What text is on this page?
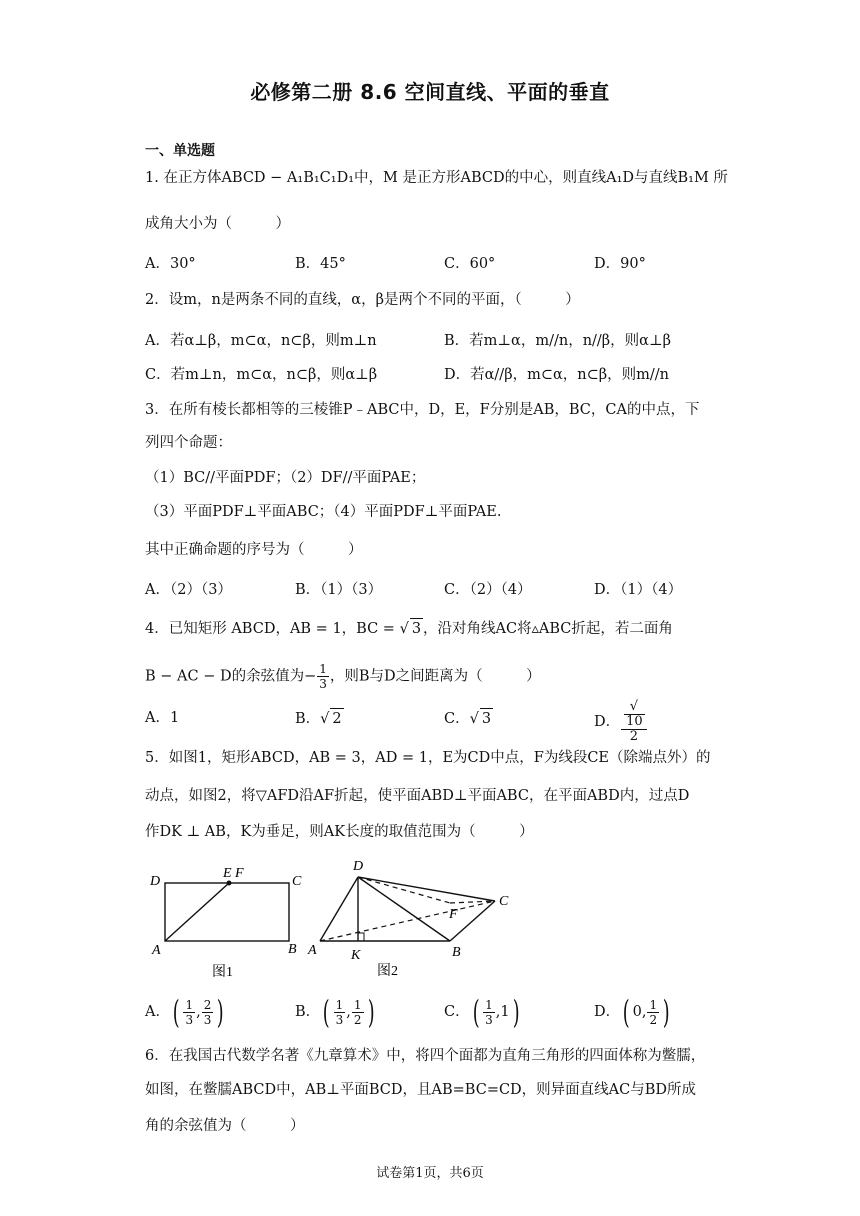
必修第二册 8.6 空间直线、平面的垂直
一、单选题
1. 在正方体ABCD − A₁B₁C₁D₁中，M 是正方形ABCD的中心，则直线A₁D与直线B₁M 所
成角大小为（　　　）
A．30°	B．45°	C．60°	D．90°
2．设m，n是两条不同的直线，α，β是两个不同的平面，（　　　）
A．若α⊥β，m⊂α，n⊂β，则m⊥n	B．若m⊥α，m//n，n//β，则α⊥β
C．若m⊥n，m⊂α，n⊂β，则α⊥β	D．若α//β，m⊂α，n⊂β，则m//n
3．在所有棱长都相等的三棱锥P﹣ABC中，D，E，F分别是AB，BC，CA的中点，下
列四个命题：
（1）BC//平面PDF；（2）DF//平面PAE；
（3）平面PDF⊥平面ABC；（4）平面PDF⊥平面PAE.
其中正确命题的序号为（　　　）
A．（2）（3）	B．（1）（3）	C．（2）（4）	D．（1）（4）
4．已知矩形 ABCD，AB = 1，BC = √ 3 ，沿对角线AC将▵ABC折起，若二面角
B − AC − D的余弦值为− $\frac{1}{3}$ ，则B与D之间距离为（　　　）
A．1	B．√ 2	C．√ 3	D． √
10
2
5．如图1，矩形ABCD，AB = 3，AD = 1，E为CD中点，F为线段CE（除端点外）的
动点，如图2，将▽AFD沿AF折起，使平面ABD⊥平面ABC，在平面ABD内，过点D
作DK ⊥ AB，K为垂足，则AK长度的取值范围为（　　　）
D
E F
C
A	B
图1
D
C
F
A K	B
图2
A．( $\frac{1}{3}$ , $\frac{2}{3}$ )	B．( $\frac{1}{3}$ , $\frac{1}{2}$ )	C．( $\frac{1}{3} ,1$)	D．( 0, $\frac{1}{2}$ )
6．在我国古代数学名著《九章算术》中，将四个面都为直角三角形的四面体称为鳖臑，
如图，在鳖臑ABCD中，AB⊥平面BCD，且AB=BC=CD，则异面直线AC与BD所成
角的余弦值为（　　　）
试卷第1页，共6页
